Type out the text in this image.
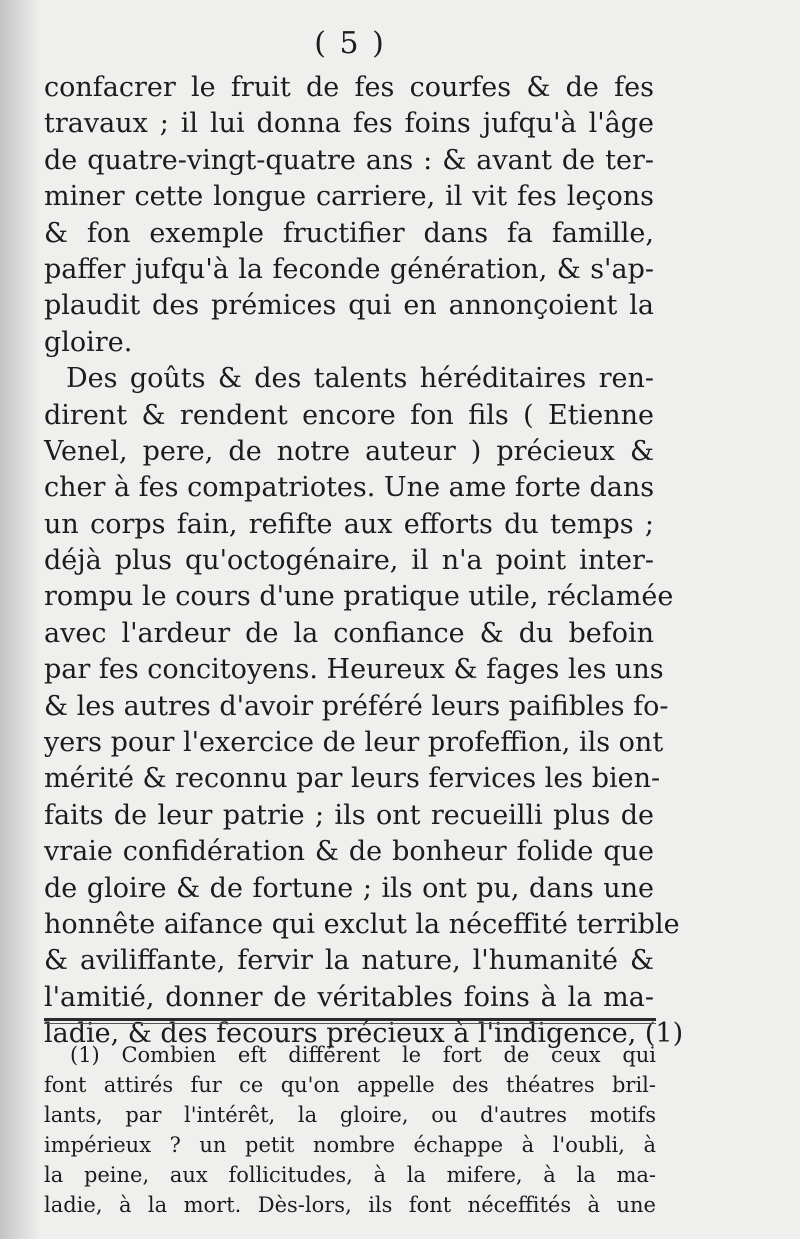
( 5 )
confacrer le fruit de fes courfes & de fes
travaux ; il lui donna fes foins jufqu'à l'âge
de quatre-vingt-quatre ans : & avant de ter-
miner cette longue carriere, il vit fes leçons
& fon exemple fructifier dans fa famille,
paffer jufqu'à la feconde génération, & s'ap-
plaudit des prémices qui en annonçoient la
gloire.
Des goûts & des talents héréditaires ren-
dirent & rendent encore fon fils ( Etienne
Venel, pere, de notre auteur ) précieux &
cher à fes compatriotes. Une ame forte dans
un corps fain, refifte aux efforts du temps ;
déjà plus qu'octogénaire, il n'a point inter-
rompu le cours d'une pratique utile, réclamée
avec l'ardeur de la confiance & du befoin
par fes concitoyens. Heureux & fages les uns
& les autres d'avoir préféré leurs paifibles fo-
yers pour l'exercice de leur profeffion, ils ont
mérité & reconnu par leurs fervices les bien-
faits de leur patrie ; ils ont recueilli plus de
vraie confidération & de bonheur folide que
de gloire & de fortune ; ils ont pu, dans une
honnête aifance qui exclut la néceffité terrible
& aviliffante, fervir la nature, l'humanité &
l'amitié, donner de véritables foins à la ma-
ladie, & des fecours précieux à l'indigence, (1)
(1) Combien eft différent le fort de ceux qui
font attirés fur ce qu'on appelle des théatres bril-
lants, par l'intérêt, la gloire, ou d'autres motifs
impérieux ? un petit nombre échappe à l'oubli, à
la peine, aux follicitudes, à la mifere, à la ma-
ladie, à la mort. Dès-lors, ils font néceffités à une
